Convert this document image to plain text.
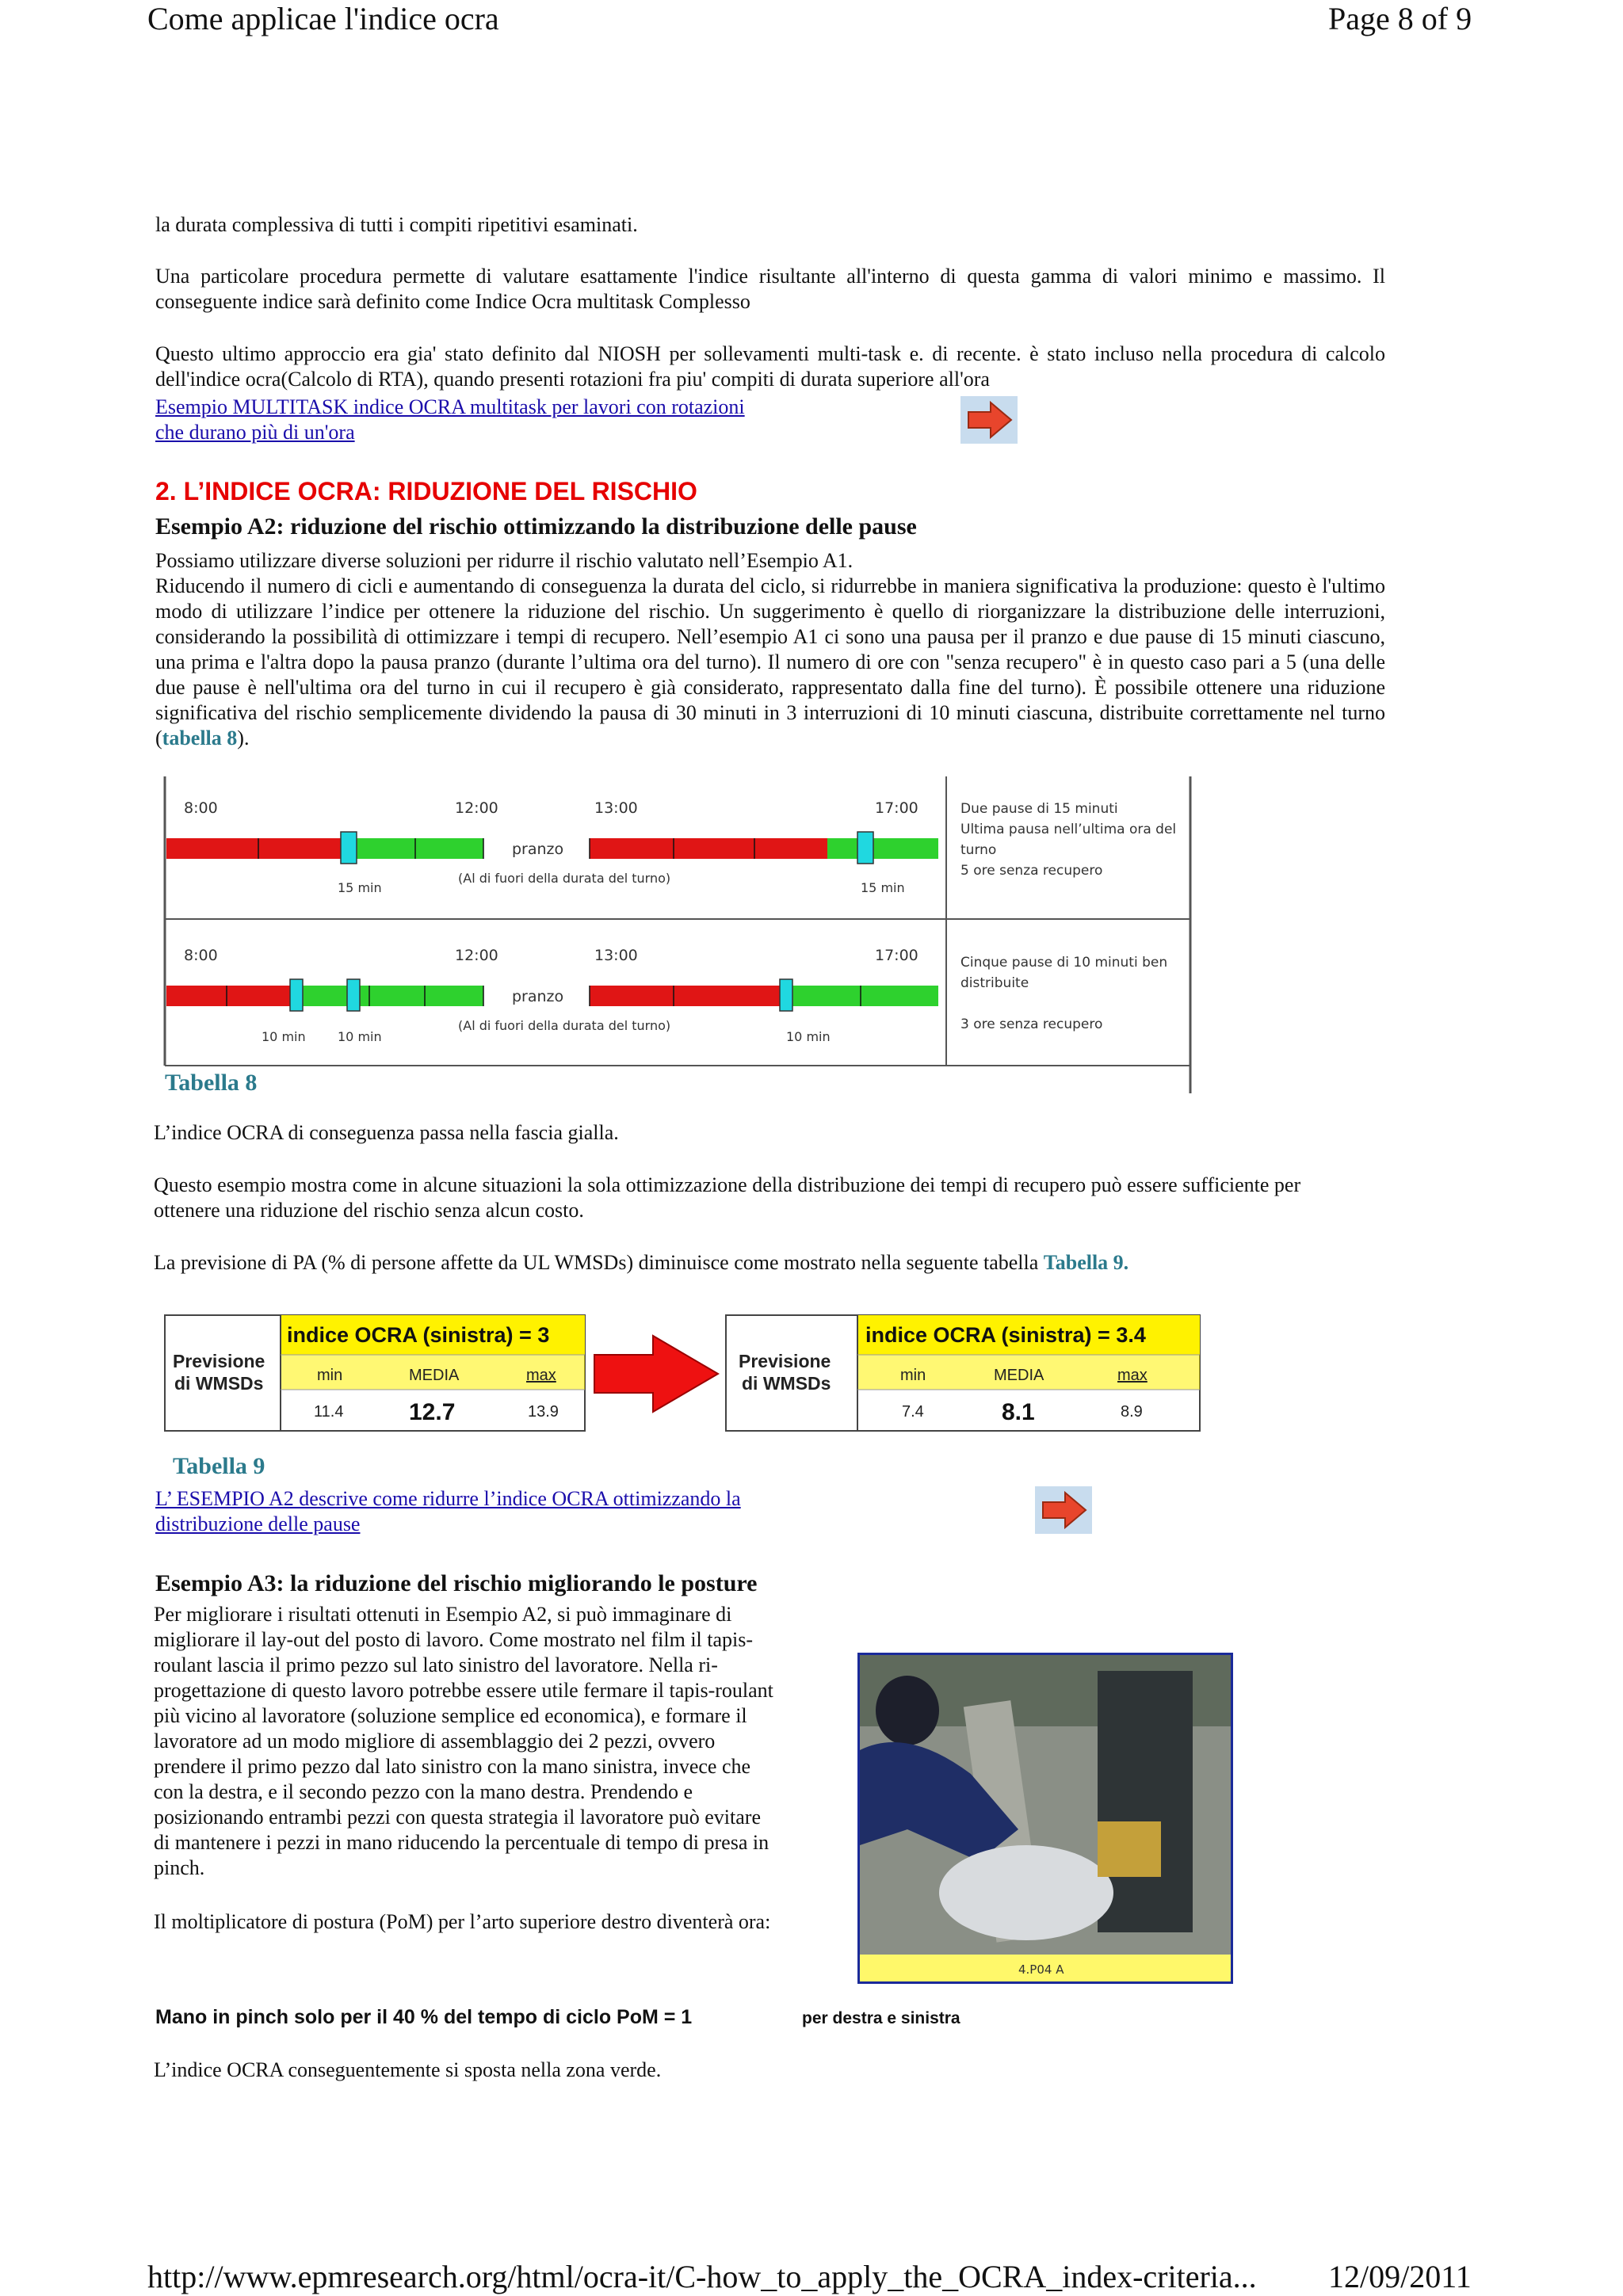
Come applicae l'indice ocra	Page 8 of 9
http://www.epmresearch.org/html/ocra-it/C-how_to_apply_the_OCRA_index-criteria... 12/09/2011
la durata complessiva di tutti i compiti ripetitivi esaminati.
Una particolare procedura permette di valutare esattamente l'indice risultante all'interno di questa gamma di valori minimo e massimo. Il conseguente indice sarà definito come Indice Ocra multitask Complesso
Questo ultimo approccio era gia' stato definito dal NIOSH per sollevamenti multi-task e. di recente. è stato incluso nella procedura di calcolo dell'indice ocra(Calcolo di RTA), quando presenti rotazioni fra piu' compiti di durata superiore all'ora
Esempio MULTITASK indice OCRA multitask per lavori con rotazioni
che durano più di un'ora
2. L’INDICE OCRA: RIDUZIONE DEL RISCHIO
Esempio A2: riduzione del rischio ottimizzando la distribuzione delle pause
Possiamo utilizzare diverse soluzioni per ridurre il rischio valutato nell’Esempio A1.
Riducendo il numero di cicli e aumentando di conseguenza la durata del ciclo, si ridurrebbe in maniera significativa la produzione: questo è l'ultimo modo di utilizzare l’indice per ottenere la riduzione del rischio. Un suggerimento è quello di riorganizzare la distribuzione delle interruzioni, considerando la possibilità di ottimizzare i tempi di recupero. Nell’esempio A1 ci sono una pausa per il pranzo e due pause di 15 minuti ciascuno, una prima e l'altra dopo la pausa pranzo (durante l’ultima ora del turno). Il numero di ore con "senza recupero" è in questo caso pari a 5 (una delle due pause è nell'ultima ora del turno in cui il recupero è già considerato, rappresentato dalla fine del turno). È possibile ottenere una riduzione significativa del rischio semplicemente dividendo la pausa di 30 minuti in 3 interruzioni di 10 minuti ciascuna, distribuite correttamente nel turno (tabella 8).
8:00	12:00	13:00	17:00
pranzo
(Al di fuori della durata del turno)
15 min	15 min
Due pause di 15 minuti
Ultima pausa nell’ultima ora del
turno
5 ore senza recupero
8:00	12:00	13:00	17:00
pranzo
(Al di fuori della durata del turno)
10 min	10 min	10 min
Cinque pause di 10 minuti ben
distribuite
3 ore senza recupero
Tabella 8
L’indice OCRA di conseguenza passa nella fascia gialla.
Questo esempio mostra come in alcune situazioni la sola ottimizzazione della distribuzione dei tempi di recupero può essere sufficiente per ottenere una riduzione del rischio senza alcun costo.
La previsione di PA (% di persone affette da UL WMSDs) diminuisce come mostrato nella seguente tabella Tabella 9.
Previsione
di WMSDs
indice OCRA (sinistra) = 3
min	MEDIA	max
11.4	12.7	13.9
Previsione
di WMSDs
indice OCRA (sinistra) = 3.4
min	MEDIA	max
7.4	8.1	8.9
Tabella 9
L’ ESEMPIO A2 descrive come ridurre l’indice OCRA ottimizzando la
distribuzione delle pause
Esempio A3: la riduzione del rischio migliorando le posture
Per migliorare i risultati ottenuti in Esempio A2, si può immaginare di
migliorare il lay-out del posto di lavoro. Come mostrato nel film il tapis-
roulant lascia il primo pezzo sul lato sinistro del lavoratore. Nella ri-
progettazione di questo lavoro potrebbe essere utile fermare il tapis-roulant
più vicino al lavoratore (soluzione semplice ed economica), e formare il
lavoratore ad un modo migliore di assemblaggio dei 2 pezzi, ovvero
prendere il primo pezzo dal lato sinistro con la mano sinistra, invece che
con la destra, e il secondo pezzo con la mano destra. Prendendo e
posizionando entrambi pezzi con questa strategia il lavoratore può evitare
di mantenere i pezzi in mano riducendo la percentuale di tempo di presa in
pinch.
Il moltiplicatore di postura (PoM) per l’arto superiore destro diventerà ora:
4.P04 A
Mano in pinch solo per il 40 % del tempo di ciclo PoM = 1	per destra e sinistra
L’indice OCRA conseguentemente si sposta nella zona verde.
